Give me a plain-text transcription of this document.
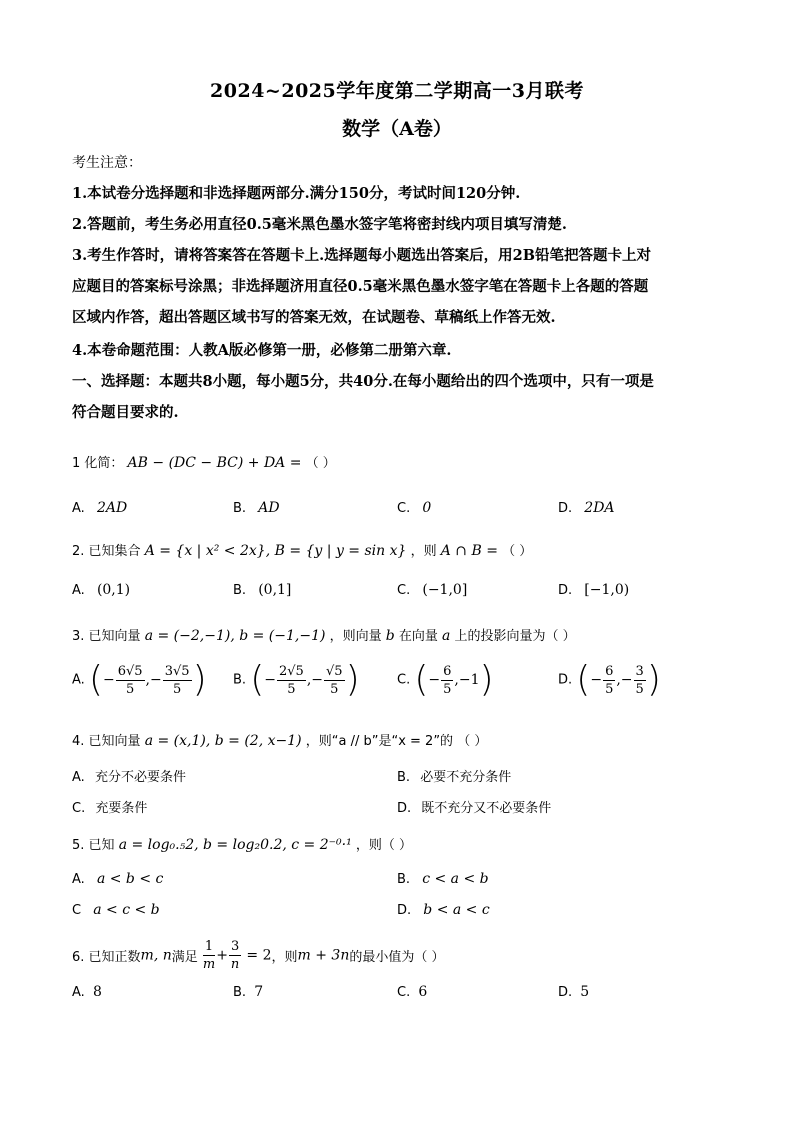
2024~2025学年度第二学期高一3月联考
数学（A卷）
考生注意：
1.本试卷分选择题和非选择题两部分.满分150分，考试时间120分钟.
2.答题前，考生务必用直径0.5毫米黑色墨水签字笔将密封线内项目填写清楚.
3.考生作答时，请将答案答在答题卡上.选择题每小题选出答案后，用2B铅笔把答题卡上对
应题目的答案标号涂黑；非选择题济用直径0.5毫米黑色墨水签字笔在答题卡上各题的答题
区域内作答，超出答题区域书写的答案无效，在试题卷、草稿纸上作答无效.
4.本卷命题范围：人教A版必修第一册，必修第二册第六章.
一、选择题：本题共8小题，每小题5分，共40分.在每小题给出的四个选项中，只有一项是
符合题目要求的.
1 化简： AB − (DC − BC) + DA = （ ）
A. 2AD	B. AD	C. 0	D. 2DA
2. 已知集合 A = {x | x² < 2x}, B = {y | y = sin x} ，则 A ∩ B = （ ）
A. (0,1)	B. (0,1]	C. (−1,0]	D. [−1,0)
3. 已知向量 a = (−2,−1), b = (−1,−1) ，则向量 b 在向量 a 上的投影向量为（ ）
A. (− $\frac{6√5}{5}$ ,− $\frac{3√5}{5}$ ) B. (− $\frac{2√5}{5}$ ,− $\frac{√5}{5}$ )	C. (− $\frac{6}{5} ,-1$)	D. (− $\frac{6}{5}$ ,− $\frac{3}{5}$ )
4. 已知向量 a = (x,1), b = (2, x−1) ，则“a // b”是“x = 2”的 （ ）
A. 充分不必要条件	B. 必要不充分条件
C. 充要条件	D. 既不充分又不必要条件
5. 已知 a = log₀.₅2, b = log₂0.2, c = 2⁻⁰·¹ ，则（ ）
A. a < b < c	B. c < a < b
C a < c < b	D. b < a < c
6. 已知正数m, n满足 $\frac{1}{m} + \frac{3}{n} = 2$，则m + 3n的最小值为（ ）
A. 8	B. 7	C. 6	D. 5
